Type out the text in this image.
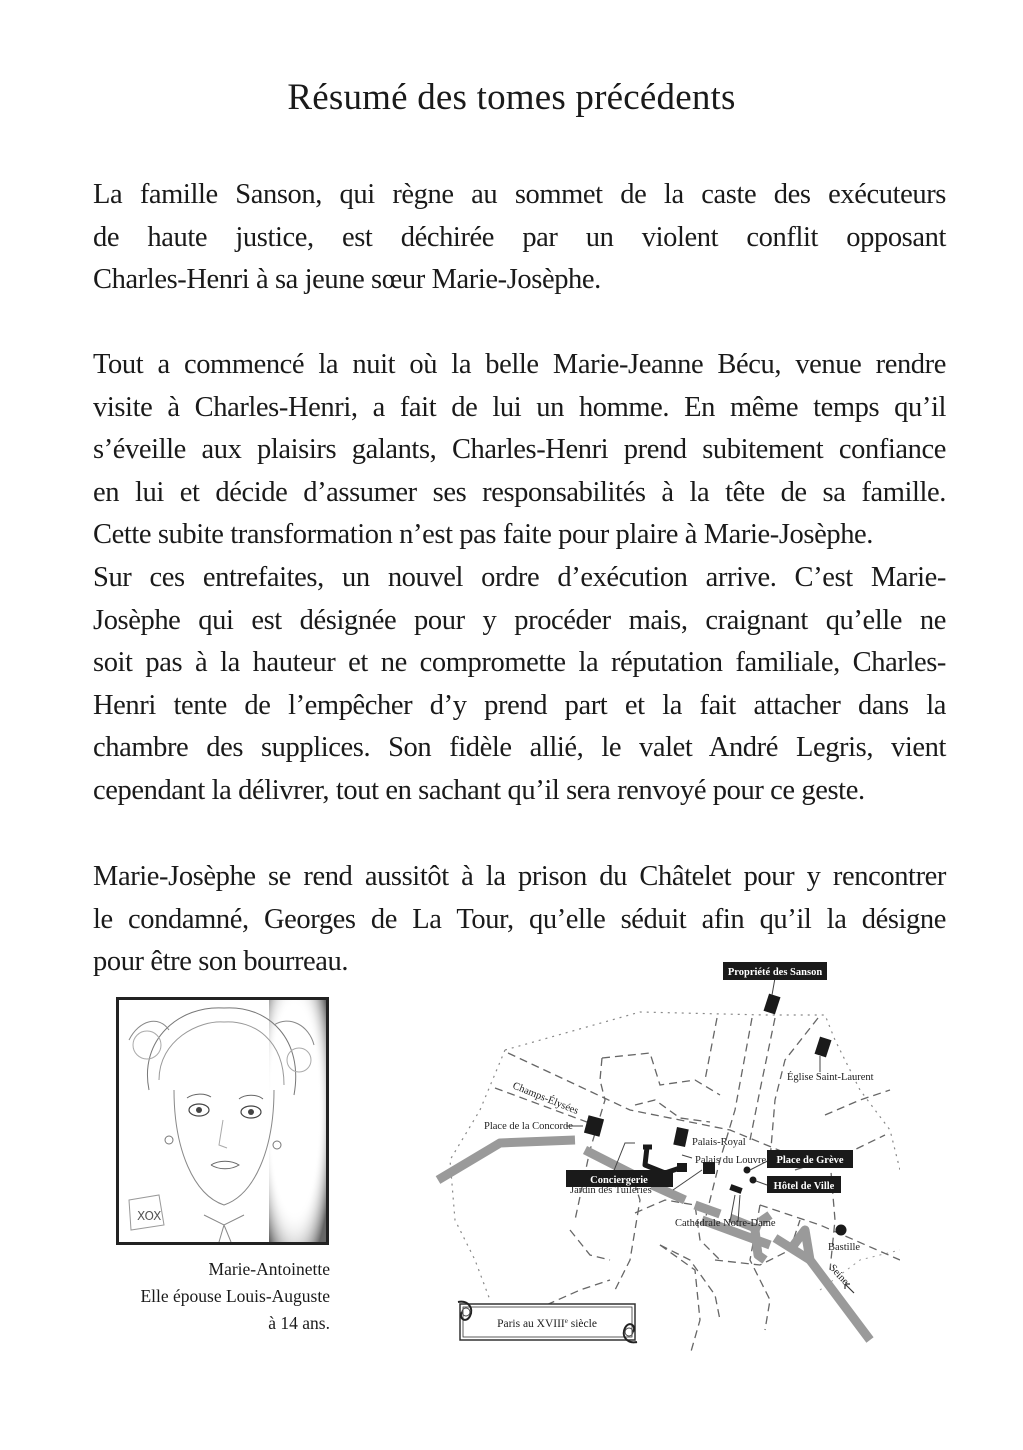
Résumé des tomes précédents
La famille Sanson, qui règne au sommet de la caste des exécuteurs
de haute justice, est déchirée par un violent conflit opposant
Charles-Henri à sa jeune sœur Marie-Josèphe.
Tout a commencé la nuit où la belle Marie-Jeanne Bécu, venue rendre
visite à Charles-Henri, a fait de lui un homme. En même temps qu’il
s’éveille aux plaisirs galants, Charles-Henri prend subitement confiance
en lui et décide d’assumer ses responsabilités à la tête de sa famille.
Cette subite transformation n’est pas faite pour plaire à Marie-Josèphe.
Sur ces entrefaites, un nouvel ordre d’exécution arrive. C’est Marie-
Josèphe qui est désignée pour y procéder mais, craignant qu’elle ne
soit pas à la hauteur et ne compromette la réputation familiale, Charles-
Henri tente de l’empêcher d’y prend part et la fait attacher dans la
chambre des supplices. Son fidèle allié, le valet André Legris, vient
cependant la délivrer, tout en sachant qu’il sera renvoyé pour ce geste.
Marie-Josèphe se rend aussitôt à la prison du Châtelet pour y rencontrer
le condamné, Georges de La Tour, qu’elle séduit afin qu’il la désigne
pour être son bourreau.
XOX
Marie-Antoinette
Elle épouse Louis-Auguste
à 14 ans.
Propriété des Sanson
Place de Grève
Hôtel de Ville
Conciergerie
Église Saint-Laurent
Champs-Élysées
Place de la Concorde
Palais-Royal
Palais du Louvre
Jardin des Tuileries
Bastille
Cathédrale Notre-Dame
Seine
Paris au XVIIIe siècle
